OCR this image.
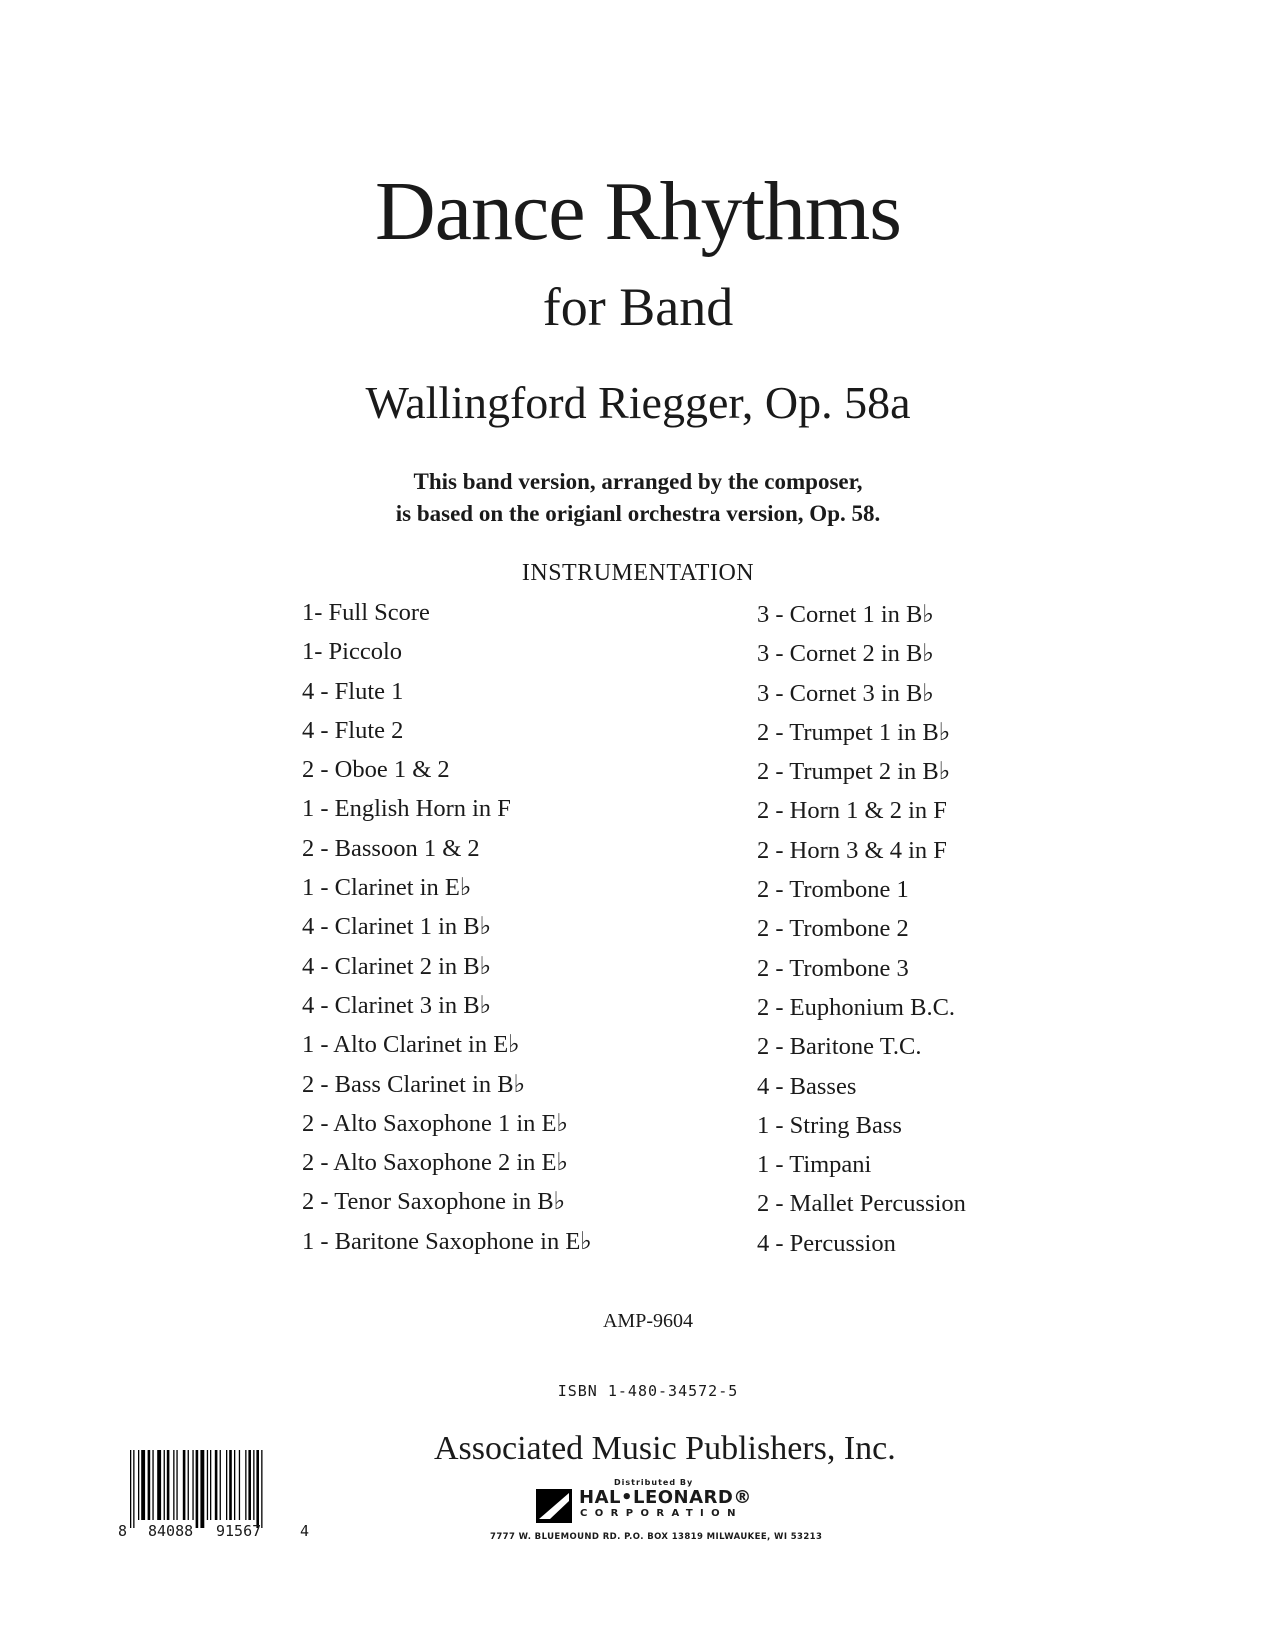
Dance Rhythms
for Band
Wallingford Riegger, Op. 58a
This band version, arranged by the composer,
is based on the origianl orchestra version, Op. 58.
INSTRUMENTATION
1- Full Score
1- Piccolo
4 - Flute 1
4 - Flute 2
2 - Oboe 1 & 2
1 - English Horn in F
2 - Bassoon 1 & 2
1 - Clarinet in E♭
4 - Clarinet 1 in B♭
4 - Clarinet 2 in B♭
4 - Clarinet 3 in B♭
1 - Alto Clarinet in E♭
2 - Bass Clarinet in B♭
2 - Alto Saxophone 1 in E♭
2 - Alto Saxophone 2 in E♭
2 - Tenor Saxophone in B♭
1 - Baritone Saxophone in E♭
3 - Cornet 1 in B♭
3 - Cornet 2 in B♭
3 - Cornet 3 in B♭
2 - Trumpet 1 in B♭
2 - Trumpet 2 in B♭
2 - Horn 1 & 2 in F
2 - Horn 3 & 4 in F
2 - Trombone 1
2 - Trombone 2
2 - Trombone 3
2 - Euphonium B.C.
2 - Baritone T.C.
4 - Basses
1 - String Bass
1 - Timpani
2 - Mallet Percussion
4 - Percussion
AMP-9604
ISBN 1-480-34572-5
8 84088 91567	4
Associated Music Publishers, Inc.
Distributed By
HAL•LEONARD®
CORPORATION
7777 W. BLUEMOUND RD. P.O. BOX 13819 MILWAUKEE, WI 53213
